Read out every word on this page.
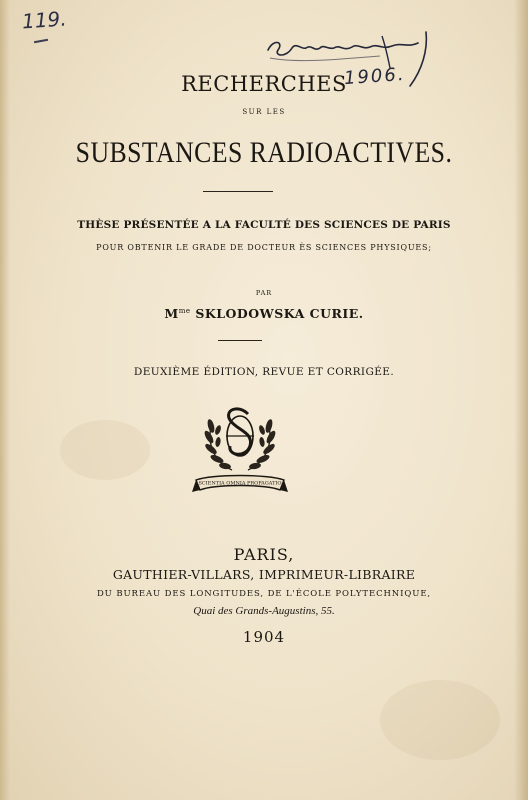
119.
1906.
RECHERCHES
SUR LES
SUBSTANCES RADIOACTIVES.
THÈSE PRÉSENTÉE A LA FACULTÉ DES SCIENCES DE PARIS
POUR OBTENIR LE GRADE DE DOCTEUR ÈS SCIENCES PHYSIQUES;
PAR
$M^{me}$ SKLODOWSKA CURIE.
DEUXIÈME ÉDITION, REVUE ET CORRIGÉE.
SCIENTIA OMNIA PROPAGATIO
PARIS,
GAUTHIER-VILLARS, IMPRIMEUR-LIBRAIRE
DU BUREAU DES LONGITUDES, DE L'ÉCOLE POLYTECHNIQUE,
Quai des Grands-Augustins, 55.
1904
